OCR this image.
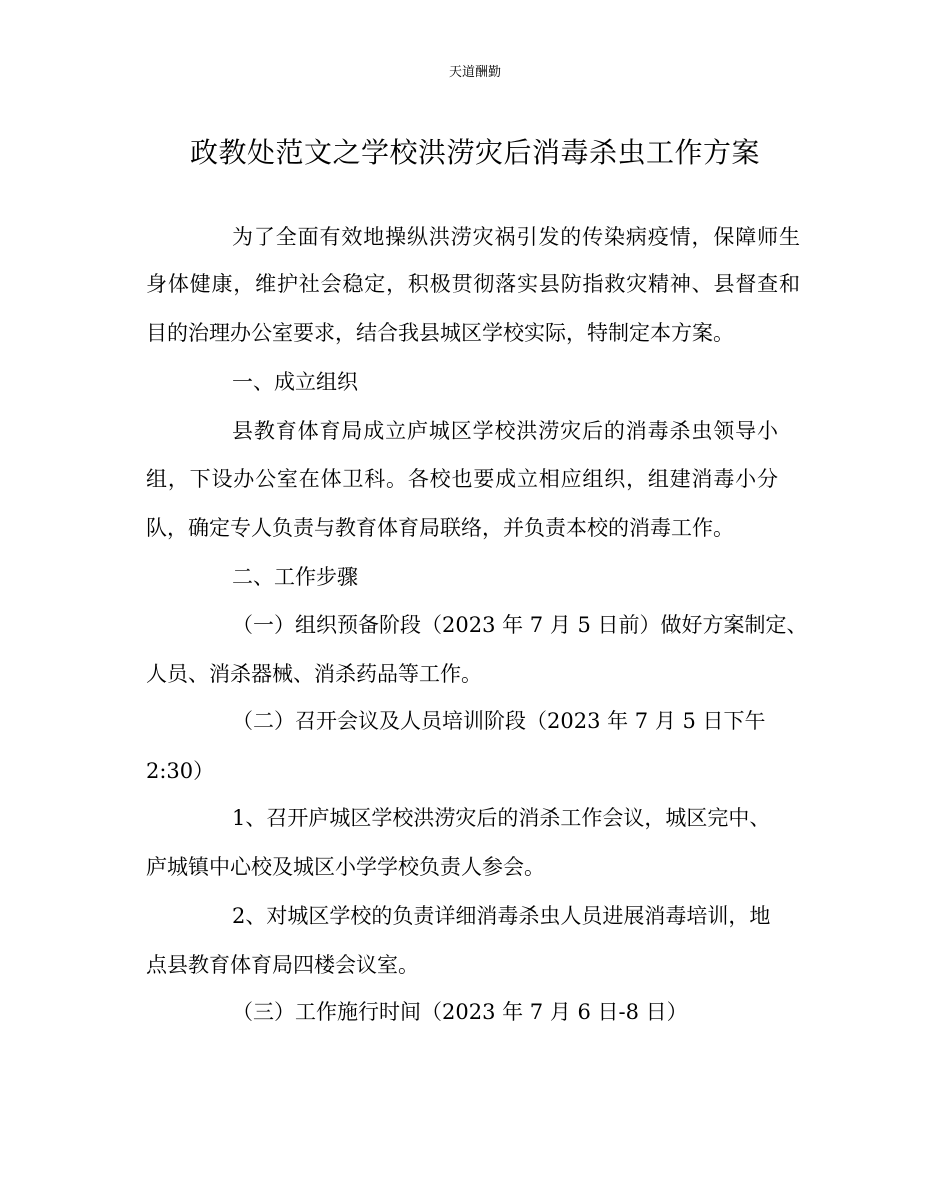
天道酬勤
政教处范文之学校洪涝灾后消毒杀虫工作方案
为了全面有效地操纵洪涝灾祸引发的传染病疫情，保障师生
身体健康，维护社会稳定，积极贯彻落实县防指救灾精神、县督查和
目的治理办公室要求，结合我县城区学校实际，特制定本方案。
一、成立组织
县教育体育局成立庐城区学校洪涝灾后的消毒杀虫领导小
组，下设办公室在体卫科。各校也要成立相应组织，组建消毒小分
队，确定专人负责与教育体育局联络，并负责本校的消毒工作。
二、工作步骤
（一）组织预备阶段（2023 年 7 月 5 日前）做好方案制定、
人员、消杀器械、消杀药品等工作。
（二）召开会议及人员培训阶段（2023 年 7 月 5 日下午
2:30）
1、召开庐城区学校洪涝灾后的消杀工作会议，城区完中、
庐城镇中心校及城区小学学校负责人参会。
2、对城区学校的负责详细消毒杀虫人员进展消毒培训，地
点县教育体育局四楼会议室。
（三）工作施行时间（2023 年 7 月 6 日-8 日）
